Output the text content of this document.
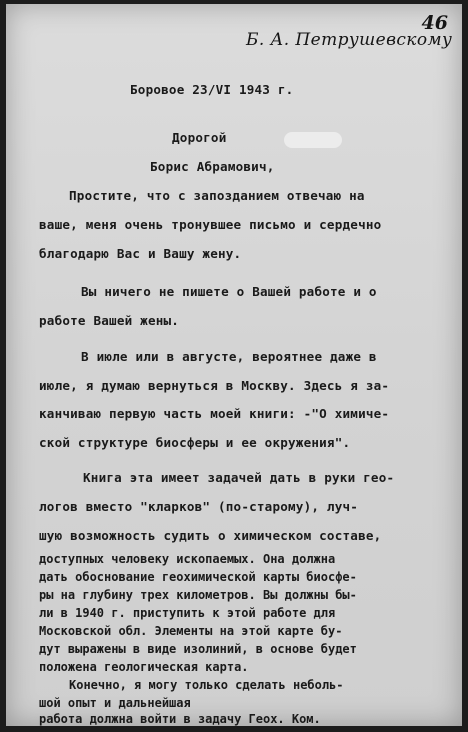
46
Б. А. Петрушевскому
Боровое 23/VI 1943 г.
Дорогой
Борис Абрамович,
Простите, что с запозданием отвечаю на
ваше, меня очень тронувшее письмо и сердечно
благодарю Вас и Вашу жену.
Вы ничего не пишете о Вашей работе и о
работе Вашей жены.
В июле или в августе, вероятнее даже в
июле, я думаю вернуться в Москву. Здесь я за-
канчиваю первую часть моей книги: -"О химиче-
ской структуре биосферы и ее окружения".
Книга эта имеет задачей дать в руки гео-
логов вместо "кларков" (по-старому), луч-
шую возможность судить о химическом составе,
доступных человеку ископаемых. Она должна
дать обоснование геохимической карты биосфе-
ры на глубину трех километров. Вы должны бы-
ли в 1940 г. приступить к этой работе для
Московской обл. Элементы на этой карте бу-
дут выражены в виде изолиний, в основе будет
положена геологическая карта.
Конечно, я могу только сделать неболь-
шой опыт и дальнейшая
работа должна войти в задачу Геох. Ком.
